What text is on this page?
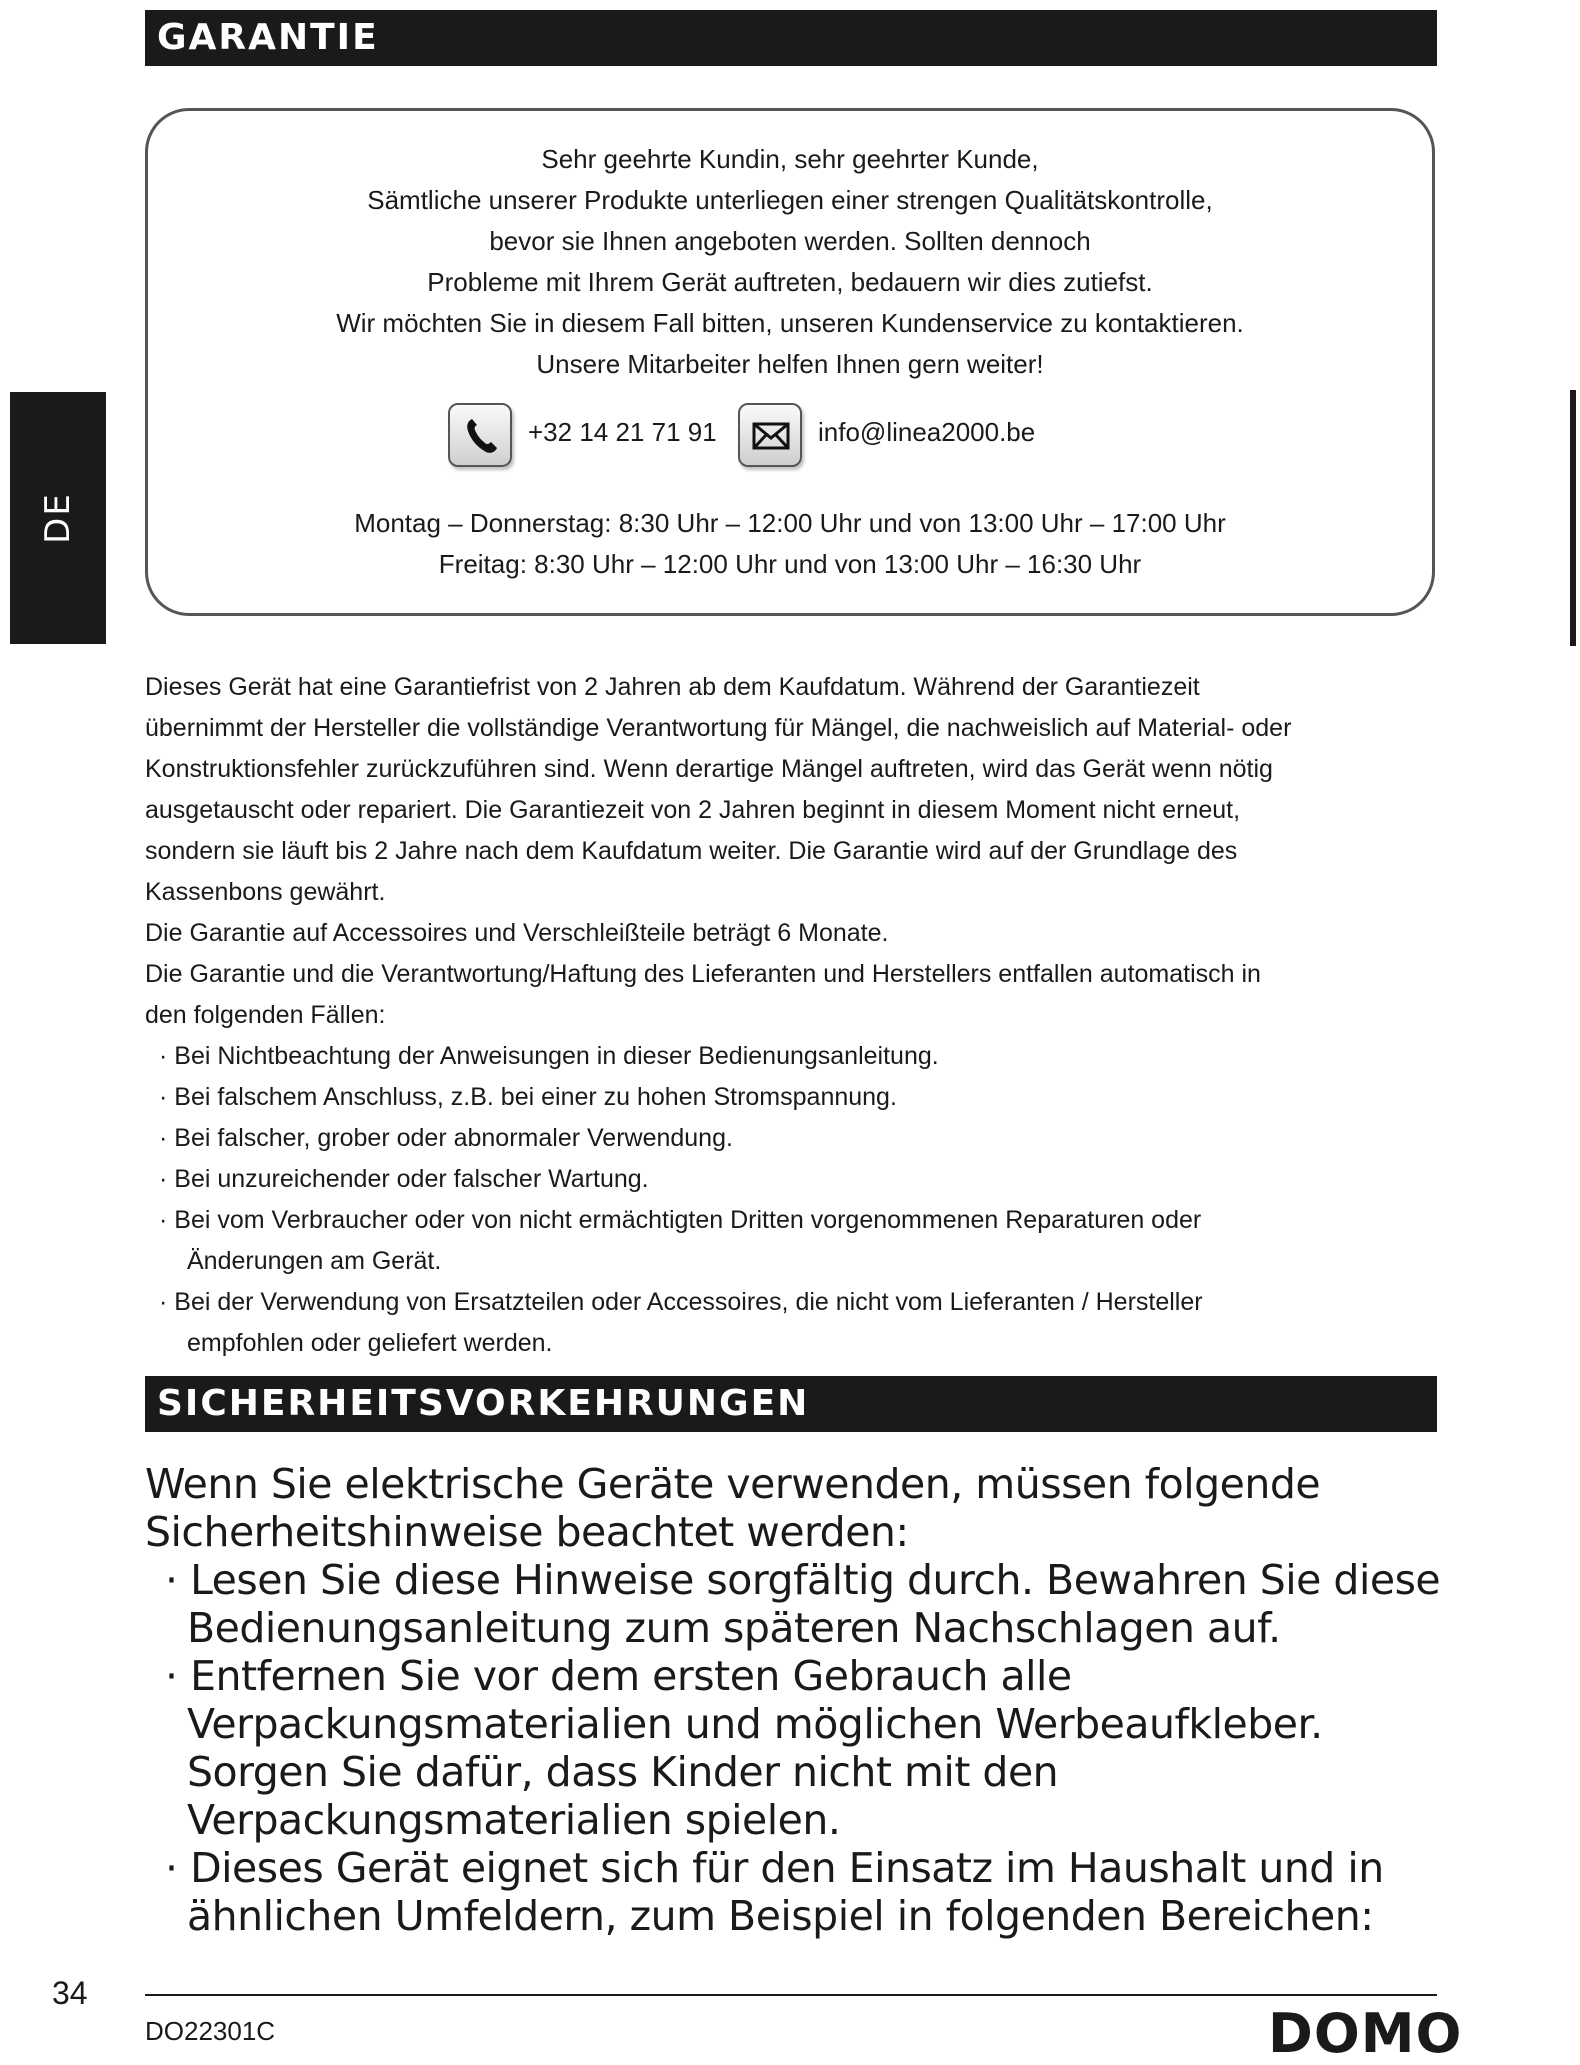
GARANTIE
DE
Sehr geehrte Kundin, sehr geehrter Kunde,
Sämtliche unserer Produkte unterliegen einer strengen Qualitätskontrolle,
bevor sie Ihnen angeboten werden. Sollten dennoch
Probleme mit Ihrem Gerät auftreten, bedauern wir dies zutiefst.
Wir möchten Sie in diesem Fall bitten, unseren Kundenservice zu kontaktieren.
Unsere Mitarbeiter helfen Ihnen gern weiter!
+32 14 21 71 91	info@linea2000.be
Montag – Donnerstag: 8:30 Uhr – 12:00 Uhr und von 13:00 Uhr – 17:00 Uhr
Freitag: 8:30 Uhr – 12:00 Uhr und von 13:00 Uhr – 16:30 Uhr
Dieses Gerät hat eine Garantiefrist von 2 Jahren ab dem Kaufdatum. Während der Garantiezeit
übernimmt der Hersteller die vollständige Verantwortung für Mängel, die nachweislich auf Material- oder
Konstruktionsfehler zurückzuführen sind. Wenn derartige Mängel auftreten, wird das Gerät wenn nötig
ausgetauscht oder repariert. Die Garantiezeit von 2 Jahren beginnt in diesem Moment nicht erneut,
sondern sie läuft bis 2 Jahre nach dem Kaufdatum weiter. Die Garantie wird auf der Grundlage des
Kassenbons gewährt.
Die Garantie auf Accessoires und Verschleißteile beträgt 6 Monate.
Die Garantie und die Verantwortung/Haftung des Lieferanten und Herstellers entfallen automatisch in
den folgenden Fällen:
· Bei Nichtbeachtung der Anweisungen in dieser Bedienungsanleitung.
· Bei falschem Anschluss, z.B. bei einer zu hohen Stromspannung.
· Bei falscher, grober oder abnormaler Verwendung.
· Bei unzureichender oder falscher Wartung.
· Bei vom Verbraucher oder von nicht ermächtigten Dritten vorgenommenen Reparaturen oder
Änderungen am Gerät.
· Bei der Verwendung von Ersatzteilen oder Accessoires, die nicht vom Lieferanten / Hersteller
empfohlen oder geliefert werden.
SICHERHEITSVORKEHRUNGEN
Wenn Sie elektrische Geräte verwenden, müssen folgende
Sicherheitshinweise beachtet werden:
· Lesen Sie diese Hinweise sorgfältig durch. Bewahren Sie diese
Bedienungsanleitung zum späteren Nachschlagen auf.
· Entfernen Sie vor dem ersten Gebrauch alle
Verpackungsmaterialien und möglichen Werbeaufkleber.
Sorgen Sie dafür, dass Kinder nicht mit den
Verpackungsmaterialien spielen.
· Dieses Gerät eignet sich für den Einsatz im Haushalt und in
ähnlichen Umfeldern, zum Beispiel in folgenden Bereichen:
34
DO22301C	DOMO
